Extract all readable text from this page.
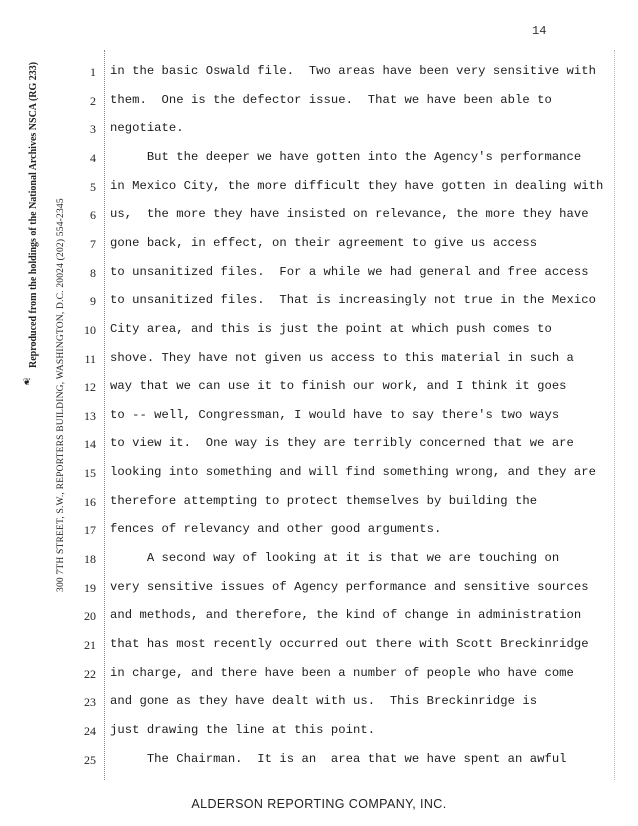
14
❦
Reproduced from the holdings of the National Archives NSCA (RG 233)	300 7TH STREET, S.W., REPORTERS BUILDING, WASHINGTON, D.C. 20024 (202) 554-2345
1 in the basic Oswald file.  Two areas have been very sensitive with
2 them.  One is the defector issue.  That we have been able to
3 negotiate.
4 But the deeper we have gotten into the Agency's performance
5 in Mexico City, the more difficult they have gotten in dealing with
6 us,  the more they have insisted on relevance, the more they have
7 gone back, in effect, on their agreement to give us access
8 to unsanitized files.  For a while we had general and free access
9 to unsanitized files.  That is increasingly not true in the Mexico
10 City area, and this is just the point at which push comes to
11 shove. They have not given us access to this material in such a
12 way that we can use it to finish our work, and I think it goes
13 to -- well, Congressman, I would have to say there's two ways
14 to view it.  One way is they are terribly concerned that we are
15 looking into something and will find something wrong, and they are
16 therefore attempting to protect themselves by building the
17 fences of relevancy and other good arguments.
18 A second way of looking at it is that we are touching on
19 very sensitive issues of Agency performance and sensitive sources
20 and methods, and therefore, the kind of change in administration
21 that has most recently occurred out there with Scott Breckinridge
22 in charge, and there have been a number of people who have come
23 and gone as they have dealt with us.  This Breckinridge is
24 just drawing the line at this point.
25 The Chairman.  It is an  area that we have spent an awful
ALDERSON REPORTING COMPANY, INC.
